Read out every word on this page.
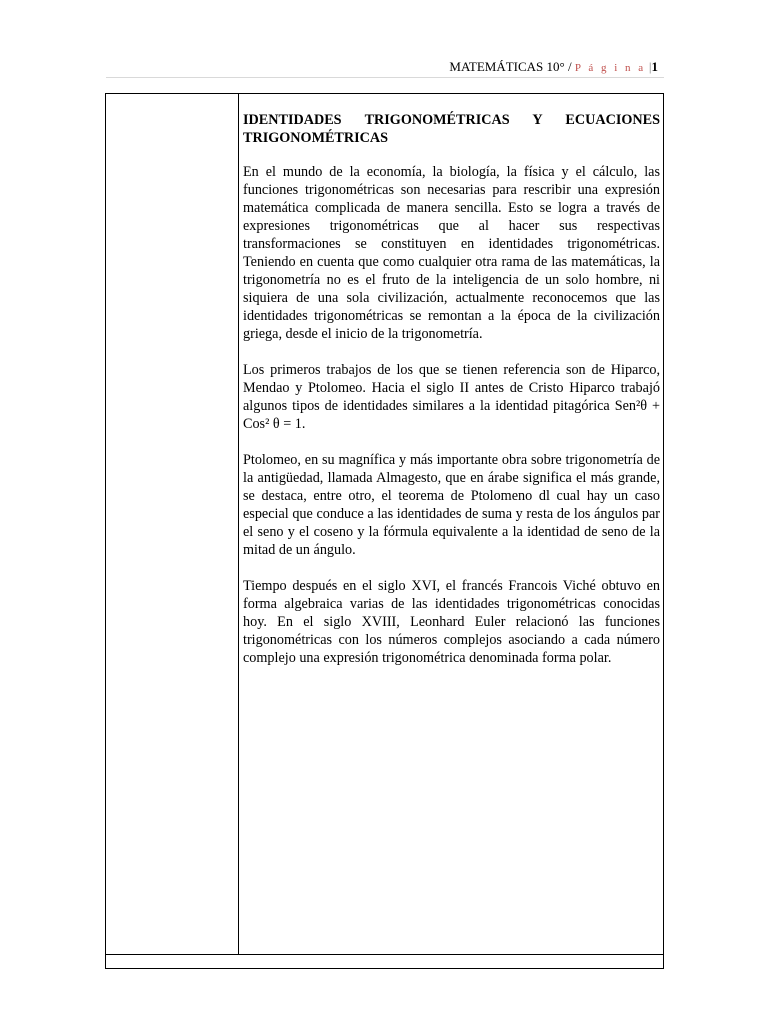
MATEMÁTICAS 10° / P á g i n a |1
IDENTIDADES TRIGONOMÉTRICAS Y ECUACIONES TRIGONOMÉTRICAS

En el mundo de la economía, la biología, la física y el cálculo, las funciones trigonométricas son necesarias para rescribir una expresión matemática complicada de manera sencilla. Esto se logra a través de expresiones trigonométricas que al hacer sus respectivas transformaciones se constituyen en identidades trigonométricas. Teniendo en cuenta que como cualquier otra rama de las matemáticas, la trigonometría no es el fruto de la inteligencia de un solo hombre, ni siquiera de una sola civilización, actualmente reconocemos que las identidades trigonométricas se remontan a la época de la civilización griega, desde el inicio de la trigonometría.

Los primeros trabajos de los que se tienen referencia son de Hiparco, Mendao y Ptolomeo. Hacia el siglo II antes de Cristo Hiparco trabajó algunos tipos de identidades similares a la identidad pitagórica Sen²θ + Cos² θ = 1.

Ptolomeo, en su magnífica y más importante obra sobre trigonometría de la antigüedad, llamada Almagesto, que en árabe significa el más grande, se destaca, entre otro, el teorema de Ptolomeno dl cual hay un caso especial que conduce a las identidades de suma y resta de los ángulos par el seno y el coseno y la fórmula equivalente a la identidad de seno de la mitad de un ángulo.

Tiempo después en el siglo XVI, el francés Francois Viché obtuvo en forma algebraica varias de las identidades trigonométricas conocidas hoy. En el siglo XVIII, Leonhard Euler relacionó las funciones trigonométricas con los números complejos asociando a cada número complejo una expresión trigonométrica denominada forma polar.
